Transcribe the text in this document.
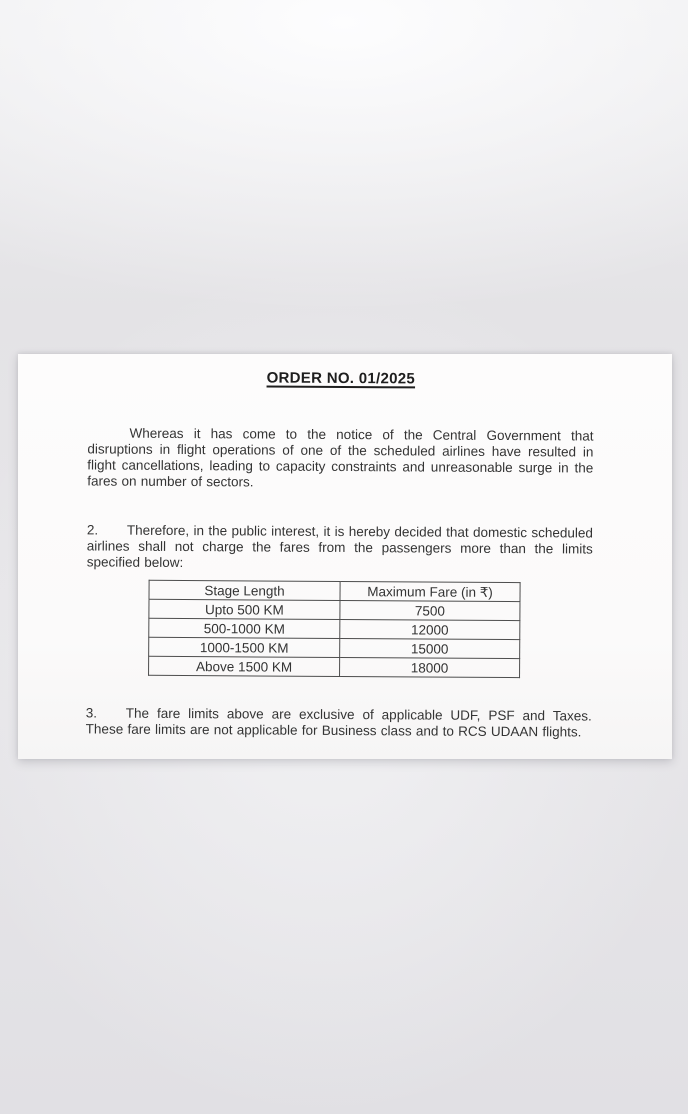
ORDER NO. 01/2025

Whereas it has come to the notice of the Central Government that disruptions in flight operations of one of the scheduled airlines have resulted in flight cancellations, leading to capacity constraints and unreasonable surge in the fares on number of sectors.

2. Therefore, in the public interest, it is hereby decided that domestic scheduled airlines shall not charge the fares from the passengers more than the limits specified below:

Stage Length	Maximum Fare (in ₹)
Upto 500 KM	7500
500-1000 KM	12000
1000-1500 KM	15000
Above 1500 KM	18000

3. The fare limits above are exclusive of applicable UDF, PSF and Taxes. These fare limits are not applicable for Business class and to RCS UDAAN flights.
